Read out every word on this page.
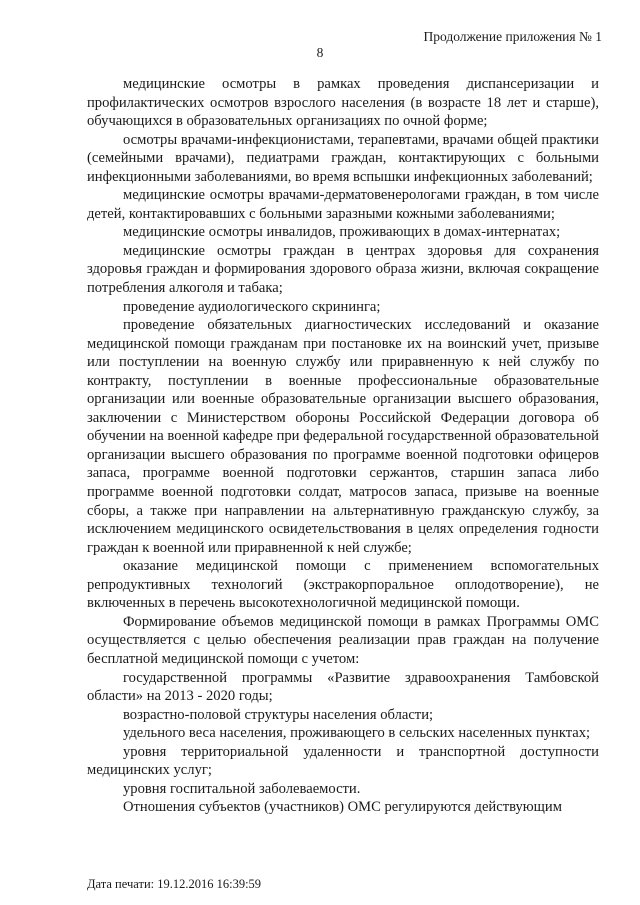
Продолжение приложения № 1
8

медицинские осмотры в рамках проведения диспансеризации и профилактических осмотров взрослого населения (в возрасте 18 лет и старше), обучающихся в образовательных организациях по очной форме;

осмотры врачами-инфекционистами, терапевтами, врачами общей практики (семейными врачами), педиатрами граждан, контактирующих с больными инфекционными заболеваниями, во время вспышки инфекционных заболеваний;

медицинские осмотры врачами-дерматовенерологами граждан, в том числе детей, контактировавших с больными заразными кожными заболеваниями;

медицинские осмотры инвалидов, проживающих в домах-интернатах;

медицинские осмотры граждан в центрах здоровья для сохранения здоровья граждан и формирования здорового образа жизни, включая сокращение потребления алкоголя и табака;

проведение аудиологического скрининга;

проведение обязательных диагностических исследований и оказание медицинской помощи гражданам при постановке их на воинский учет, призыве или поступлении на военную службу или приравненную к ней службу по контракту, поступлении в военные профессиональные образовательные организации или военные образовательные организации высшего образования, заключении с Министерством обороны Российской Федерации договора об обучении на военной кафедре при федеральной государственной образовательной организации высшего образования по программе военной подготовки офицеров запаса, программе военной подготовки сержантов, старшин запаса либо программе военной подготовки солдат, матросов запаса, призыве на военные сборы, а также при направлении на альтернативную гражданскую службу, за исключением медицинского освидетельствования в целях определения годности граждан к военной или приравненной к ней службе;

оказание медицинской помощи с применением вспомогательных репродуктивных технологий (экстракорпоральное оплодотворение), не включенных в перечень высокотехнологичной медицинской помощи.

Формирование объемов медицинской помощи в рамках Программы ОМС осуществляется с целью обеспечения реализации прав граждан на получение бесплатной медицинской помощи с учетом:

государственной программы «Развитие здравоохранения Тамбовской области» на 2013 - 2020 годы;

возрастно-половой структуры населения области;

удельного веса населения, проживающего в сельских населенных пунктах;

уровня территориальной удаленности и транспортной доступности медицинских услуг;

уровня госпитальной заболеваемости.

Отношения субъектов (участников) ОМС регулируются действующим

Дата печати: 19.12.2016 16:39:59
